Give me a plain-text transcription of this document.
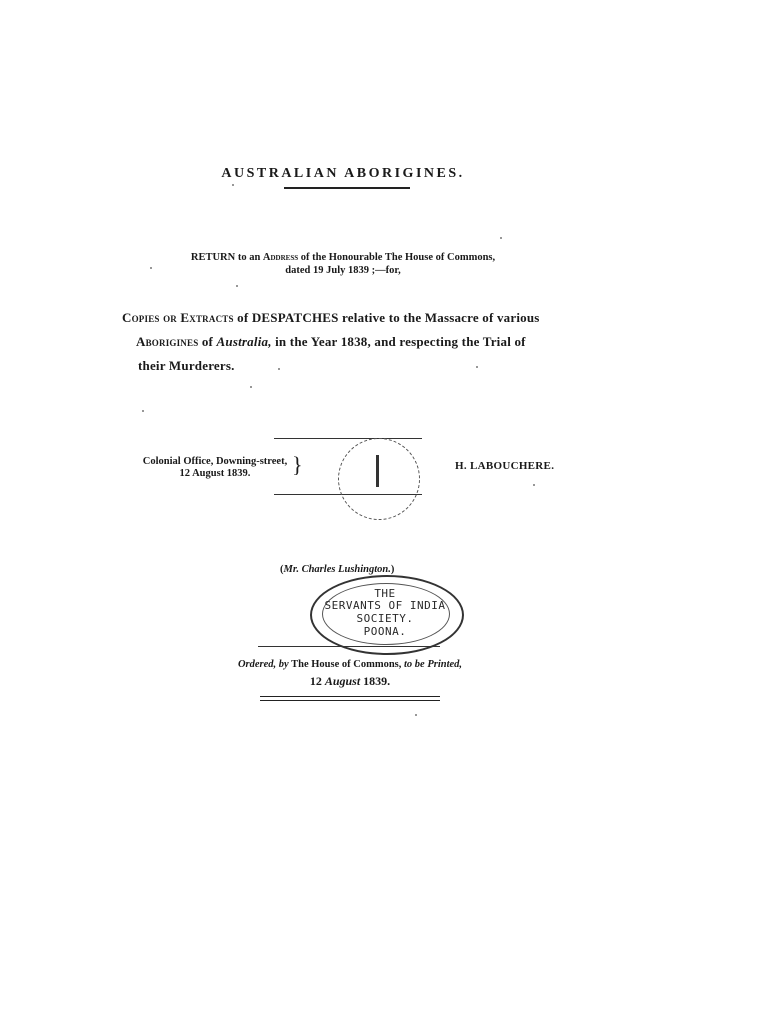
AUSTRALIAN ABORIGINES.
RETURN to an Address of the Honourable The House of Commons,
dated 19 July 1839 ;—for,
Copies or Extracts of DESPATCHES relative to the Massacre of various
Aborigines of Australia, in the Year 1838, and respecting the Trial of
their Murderers.
Colonial Office, Downing-street,
12 August 1839.	}	H. LABOUCHERE.
(Mr. Charles Lushington.)
THE
SERVANTS OF INDIA
SOCIETY.
POONA.
Ordered, by The House of Commons, to be Printed,
12 August 1839.
